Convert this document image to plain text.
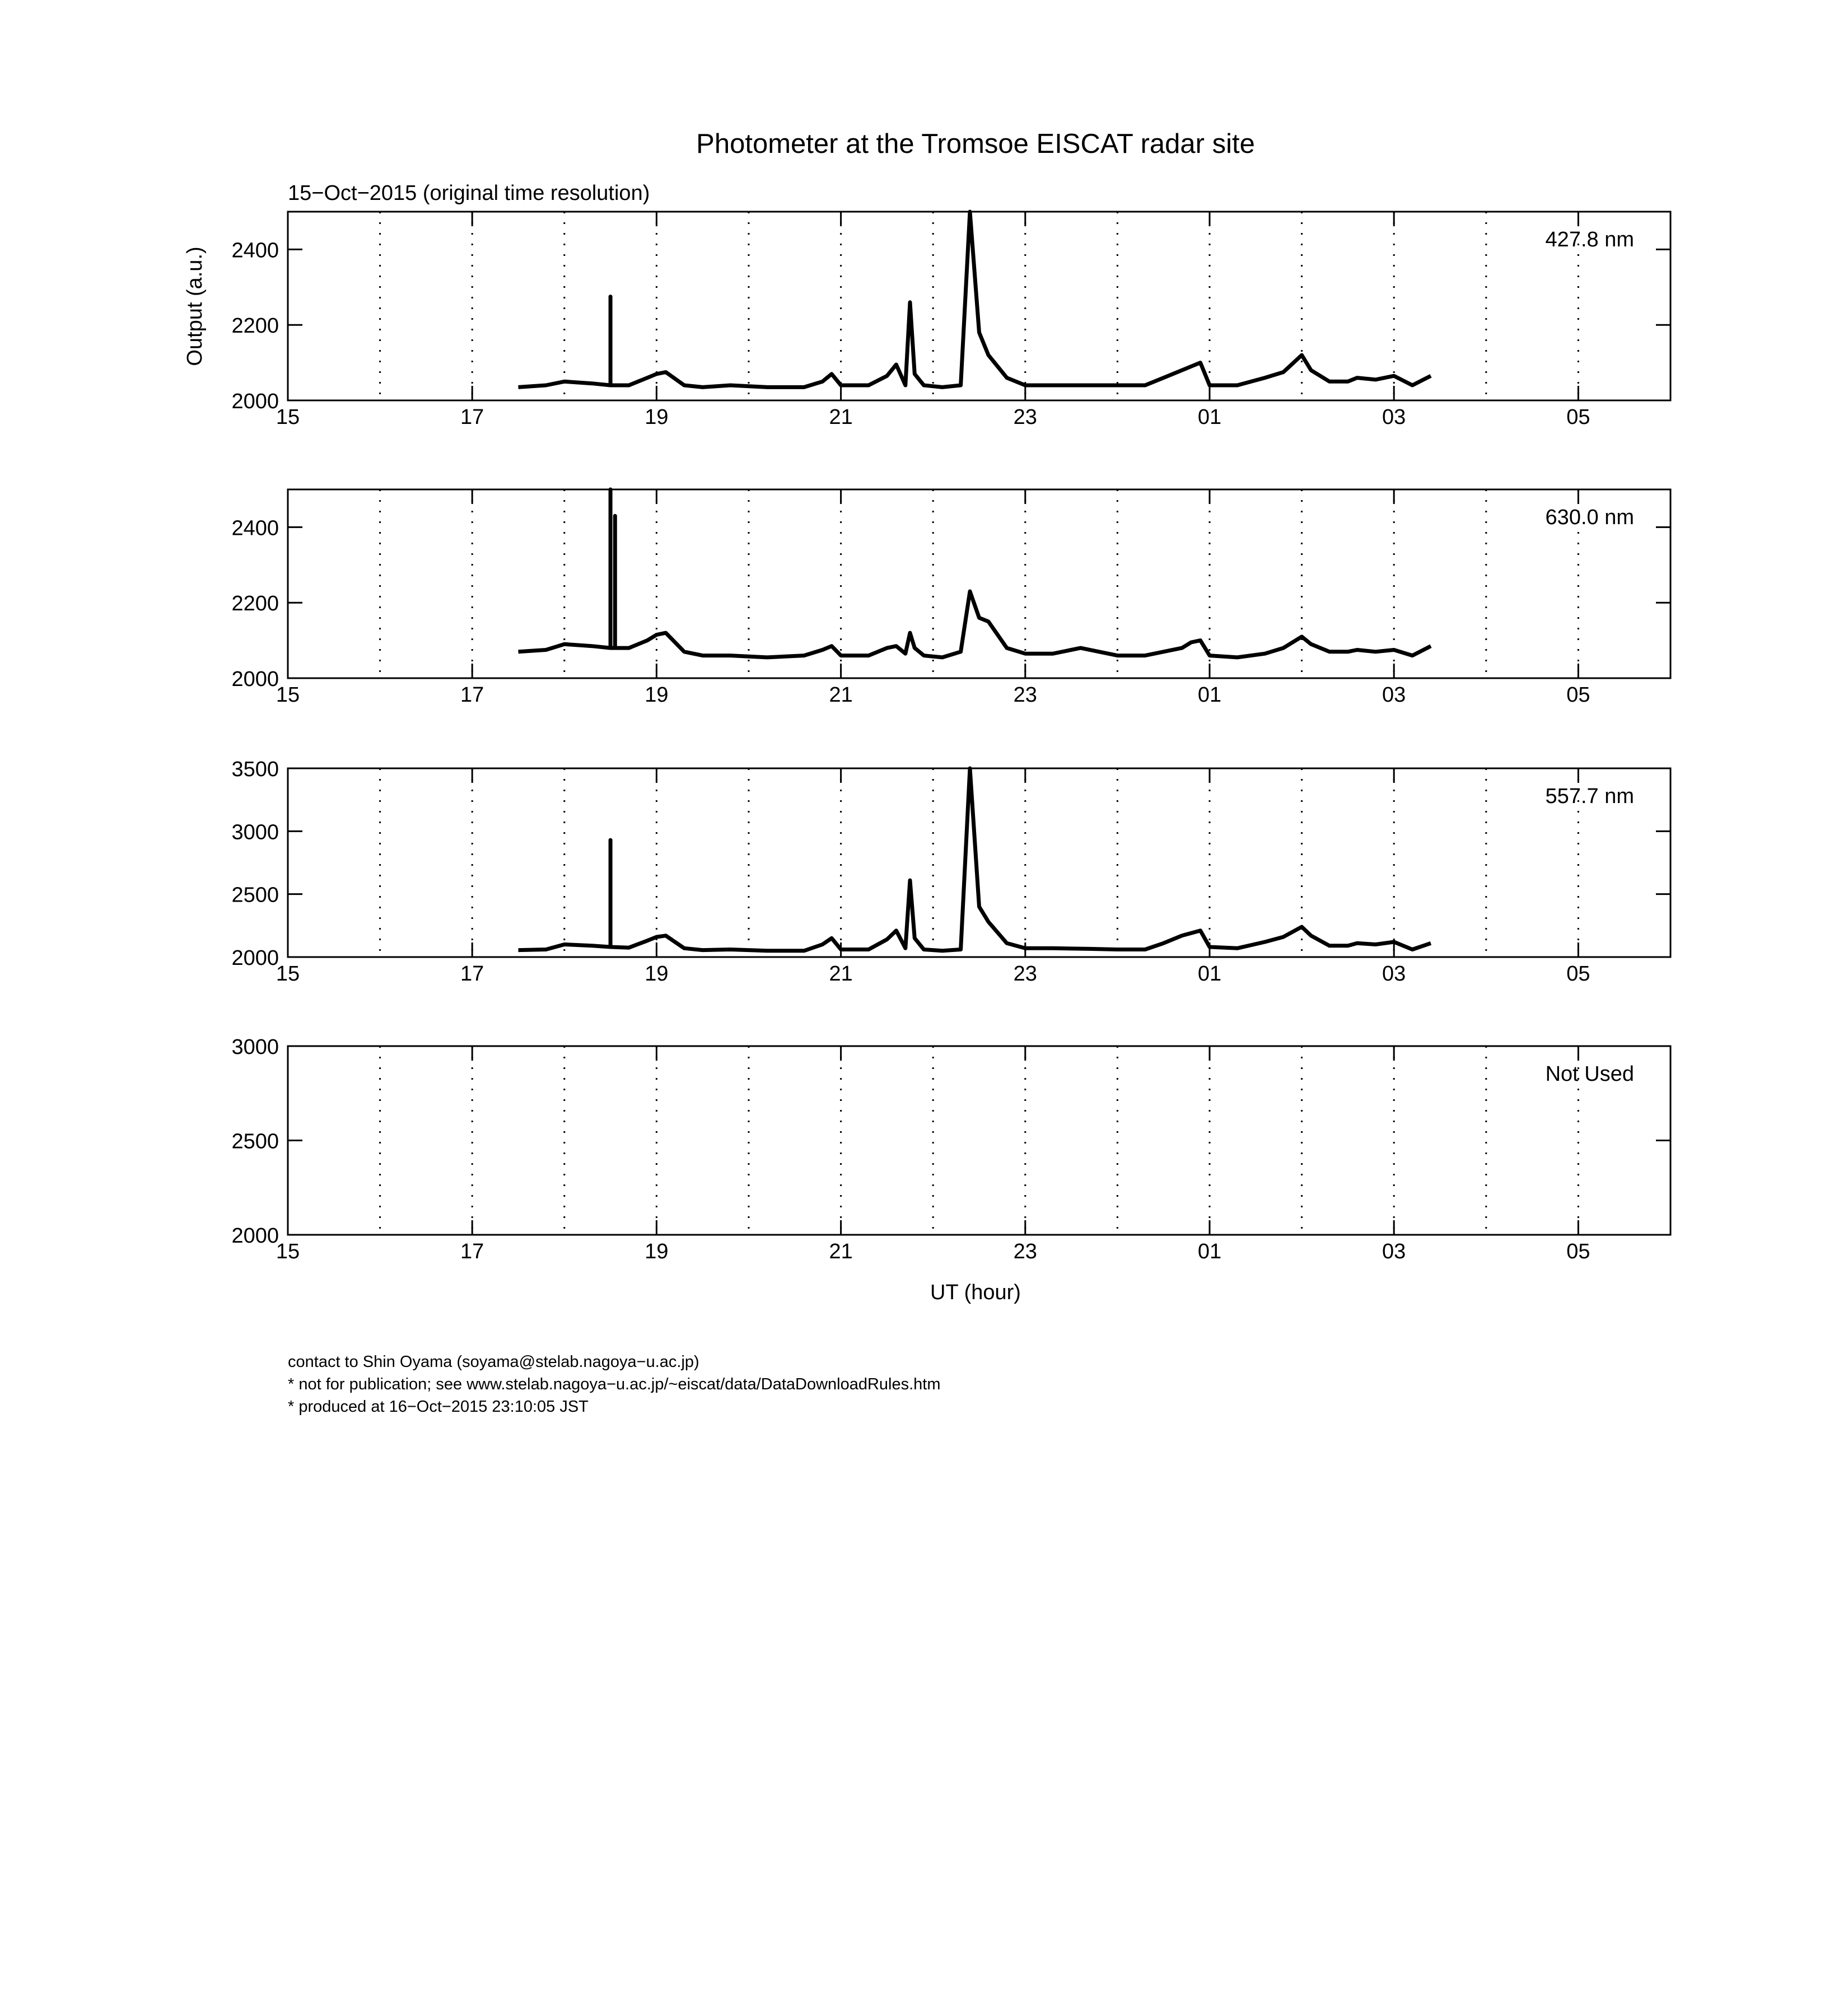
Photometer at the Tromsoe EISCAT radar site
15−Oct−2015 (original time resolution)
Output (a.u.)
UT (hour)
15	17	19	21	23	01	03	05
2000
2200
2400	427.8 nm
15	17	19	21	23	01	03	05
2000
2200
2400	630.0 nm
15	17	19	21	23	01	03	05
2000
2500
3000
3500
557.7 nm
15	17	19	21	23	01	03	05
2000
2500
3000
Not Used
contact to Shin Oyama (soyama@stelab.nagoya−u.ac.jp)
* not for publication; see www.stelab.nagoya−u.ac.jp/~eiscat/data/DataDownloadRules.htm
* produced at 16−Oct−2015 23:10:05 JST
